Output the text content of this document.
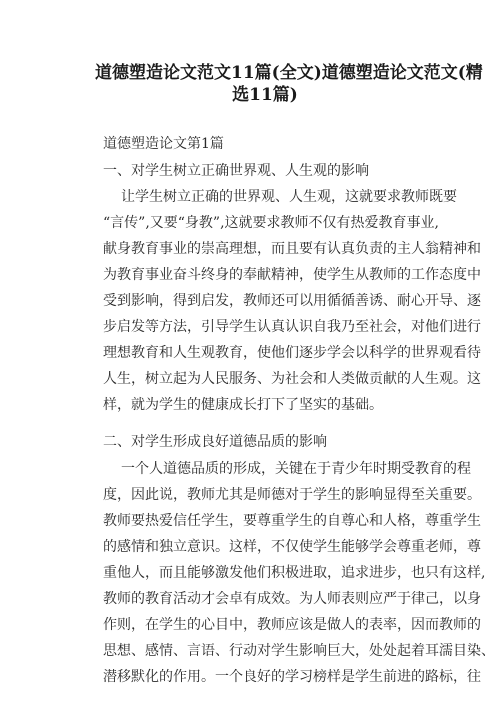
道德塑造论文范文11篇(全文)道德塑造论文范文(精
选11篇)

道德塑造论文第1篇

一、对学生树立正确世界观、人生观的影响

让学生树立正确的世界观、人生观，这就要求教师既要

“言传”,又要“身教”,这就要求教师不仅有热爱教育事业,

献身教育事业的崇高理想，而且要有认真负责的主人翁精神和

为教育事业奋斗终身的奉献精神，使学生从教师的工作态度中

受到影响，得到启发，教师还可以用循循善诱、耐心开导、逐

步启发等方法，引导学生认真认识自我乃至社会，对他们进行

理想教育和人生观教育，使他们逐步学会以科学的世界观看待

人生，树立起为人民服务、为社会和人类做贡献的人生观。这

样，就为学生的健康成长打下了坚实的基础。

二、对学生形成良好道德品质的影响

一个人道德品质的形成，关键在于青少年时期受教育的程

度，因此说，教师尤其是师德对于学生的影响显得至关重要。

教师要热爱信任学生，要尊重学生的自尊心和人格，尊重学生

的感情和独立意识。这样，不仅使学生能够学会尊重老师，尊

重他人，而且能够激发他们积极进取，追求进步，也只有这样,

教师的教育活动才会卓有成效。为人师表则应严于律己，以身

作则，在学生的心目中，教师应该是做人的表率，因而教师的

思想、感情、言语、行动对学生影响巨大，处处起着耳濡目染、

潜移默化的作用。一个良好的学习榜样是学生前进的路标，往
